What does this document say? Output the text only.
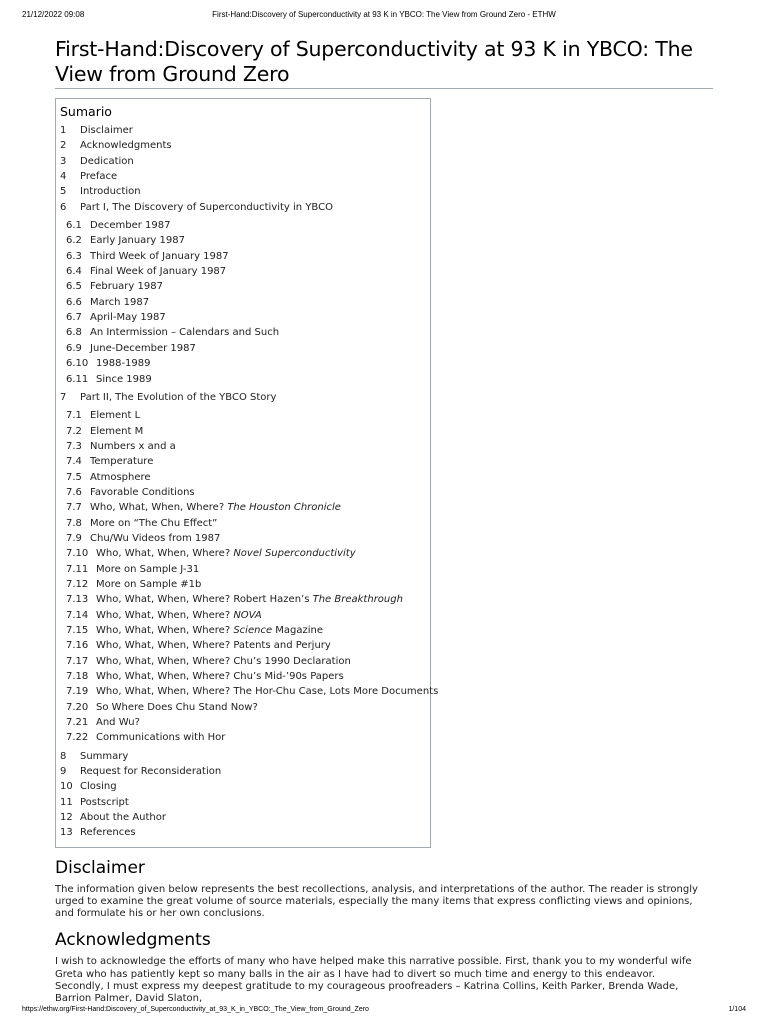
21/12/2022 09:08	First-Hand:Discovery of Superconductivity at 93 K in YBCO: The View from Ground Zero - ETHW
First-Hand:Discovery of Superconductivity at 93 K in YBCO: The
View from Ground Zero
Sumario
1 Disclaimer
2 Acknowledgments
3 Dedication
4 Preface
5 Introduction
6 Part I, The Discovery of Superconductivity in YBCO
6.1 December 1987
6.2 Early January 1987
6.3 Third Week of January 1987
6.4 Final Week of January 1987
6.5 February 1987
6.6 March 1987
6.7 April-May 1987
6.8 An Intermission – Calendars and Such
6.9 June-December 1987
6.10 1988-1989
6.11 Since 1989
7 Part II, The Evolution of the YBCO Story
7.1 Element L
7.2 Element M
7.3 Numbers x and a
7.4 Temperature
7.5 Atmosphere
7.6 Favorable Conditions
7.7 Who, What, When, Where? The Houston Chronicle
7.8 More on “The Chu Effect”
7.9 Chu/Wu Videos from 1987
7.10 Who, What, When, Where? Novel Superconductivity
7.11 More on Sample J-31
7.12 More on Sample #1b
7.13 Who, What, When, Where? Robert Hazen’s The Breakthrough
7.14 Who, What, When, Where? NOVA
7.15 Who, What, When, Where? Science Magazine
7.16 Who, What, When, Where? Patents and Perjury
7.17 Who, What, When, Where? Chu’s 1990 Declaration
7.18 Who, What, When, Where? Chu’s Mid-’90s Papers
7.19 Who, What, When, Where? The Hor-Chu Case, Lots More Documents
7.20 So Where Does Chu Stand Now?
7.21 And Wu?
7.22 Communications with Hor
8 Summary
9 Request for Reconsideration
10 Closing
11 Postscript
12 About the Author
13 References
Disclaimer

The information given below represents the best recollections, analysis, and interpretations of the author. The reader is strongly urged to examine the great volume of source materials, especially the many items that express conflicting views and opinions, and formulate his or her own conclusions.

Acknowledgments

I wish to acknowledge the efforts of many who have helped make this narrative possible. First, thank you to my wonderful wife Greta who has patiently kept so many balls in the air as I have had to divert so much time and energy to this endeavor. Secondly, I must express my deepest gratitude to my courageous proofreaders – Katrina Collins, Keith Parker, Brenda Wade, Barrion Palmer, David Slaton,

https://ethw.org/First-Hand:Discovery_of_Superconductivity_at_93_K_in_YBCO:_The_View_from_Ground_Zero	1/104
